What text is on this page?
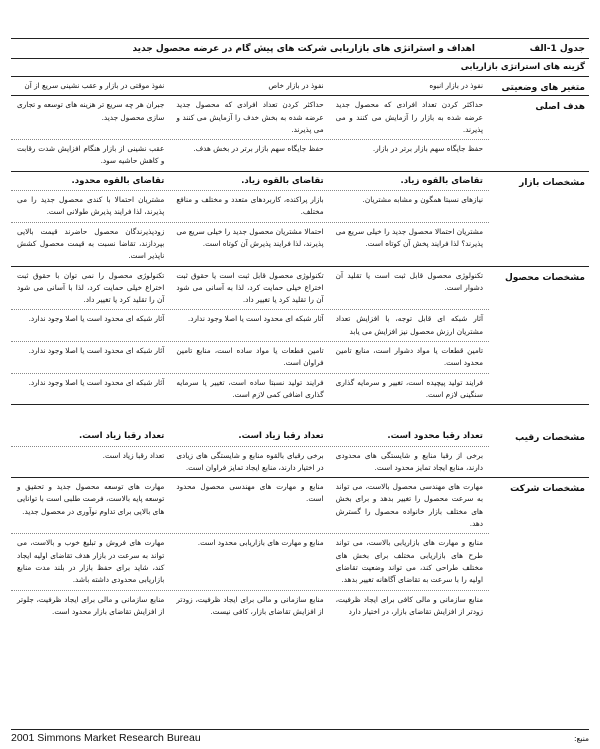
جدول 1-الف
اهداف و استراتژی های بازاریابی شرکت های پیش گام در عرضه محصول جدید
گزینه های استراتژی بازاریابی
متغیر های وضعیتی
نفوذ در بازار انبوه
نفوذ در بازار خاص
نفوذ موقتی در بازار و عقب نشینی سریع از آن
هدف اصلی
حداکثر کردن تعداد افرادی که محصول جدید عرضه شده به بازار را آزمایش می کنند و می پذیرند.
حداکثر کردن تعداد افرادی که محصول جدید عرضه شده به بخش خدف را آزمایش می کنند و می پذیرند.
جبران هر چه سریع تر هزینه های توسعه و تجاری سازی محصول جدید.
حفظ جایگاه سهم بازار برتر در بازار.
حفظ جایگاه سهم بازار برتر در بخش هدف.
عقب نشینی از بازار هنگام افزایش شدت رقابت و کاهش حاشیه سود.
مشخصات بازار
تقاضای بالقوه زیاد.
تقاضای بالقوه زیاد.
تقاضای بالقوه محدود.
نیازهای نسبتا همگون و مشابه مشتریان.
بازار پراکنده، کاربردهای متعدد و مختلف و منافع مختلف.
مشتریان احتمالا با کندی محصول جدید را می پذیرند، لذا فرایند پذیرش طولانی است.
مشتریان احتمالا محصول جدید را خیلی سریع می پذیرند؟ لذا فرایند پخش آن کوتاه است.
احتمالا مشتریان محصول جدید را خیلی سریع می پذیرند، لذا فرایند پذیرش آن کوتاه است.
زودپذیرندگان محصول حاضرند قیمت بالایی بپردازند، تقاضا نسبت به قیمت محصول کشش ناپذیر است.
مشخصات محصول
تکنولوژی محصول قابل ثبت است یا تقلید آن دشوار است.
تکنولوژی محصول قابل ثبت است یا حقوق ثبت اختراع خیلی حمایت کرد، لذا به آسانی می شود آن را تقلید کرد یا تغییر داد.
تکنولوژی محصول را نمی توان با حقوق ثبت اختراع خیلی حمایت کرد، لذا با آسانی می شود آن را تقلید کرد یا تغییر داد.
آثار شبکه ای قابل توجه، با افزایش تعداد مشتریان ارزش محصول نیز افزایش می یابد
آثار شبکه ای محدود است یا اصلا وجود ندارد.
آثار شبکه ای محدود است یا اصلا وجود ندارد.
تامین قطعات یا مواد دشوار است، منابع تامین محدود است.
تامین قطعات یا مواد ساده است، منابع تامین فراوان است.
آثار شبکه ای محدود است یا اصلا وجود ندارد.
فرایند تولید پیچیده است، تغییر و سرمایه گذاری سنگینی لازم است.
فرایند تولید نسبتا ساده است، تغییر یا سرمایه گذاری اضافی کمی لازم است.
آثار شبکه ای محدود است یا اصلا وجود ندارد.
مشخصات رقیب
تعداد رقبا محدود است.
تعداد رقبا زیاد است.
تعداد رقبا زیاد است.
برخی از رقبا منابع و شایستگی های محدودی دارند، منابع ایجاد تمایز محدود است.
برخی رقبای بالقوه منابع و شایستگی های زیادی در اختیار دارند، منابع ایجاد تمایز فراوان است.
تعداد رقبا زیاد است.
مشخصات شرکت
مهارت های مهندسی محصول بالاست، می تواند به سرعت محصول را تغییر بدهد و برای بخش های مختلف بازار خانواده محصول را گسترش دهد.
منابع و مهارت های مهندسی محصول محدود است.
مهارت های توسعه محصول جدید و تحقیق و توسعه پایه بالاست، فرصت طلبی است با توانایی های بالایی برای تداوم نوآوری در محصول جدید.
منابع و مهارت های بازاریابی بالاست، می تواند طرح های بازاریابی مختلف برای بخش های مختلف طراحی کند، می تواند وضعیت تقاضای اولیه را با سرعت به تقاضای آگاهانه تغییر بدهد.
منابع و مهارت های بازاریابی محدود است.
مهارت های فروش و تبلیغ خوب و بالاست، می تواند به سرعت در بازار هدف تقاضای اولیه ایجاد کند، شاید برای حفظ بازار در بلند مدت منابع بازاریابی محدودی داشته باشد.
منابع سازمانی و مالی کافی برای ایجاد ظرفیت، زودتر از افزایش تقاضای بازار، در اختیار دارد
منابع سازمانی و مالی برای ایجاد ظرفیت، زودتر از افزایش تقاضای بازار، کافی نیست.
منابع سازمانی و مالی برای ایجاد ظرفیت، جلوتر از افزایش تقاضای بازار محدود است.
منبع:
2001 Simmons Market Research Bureau
